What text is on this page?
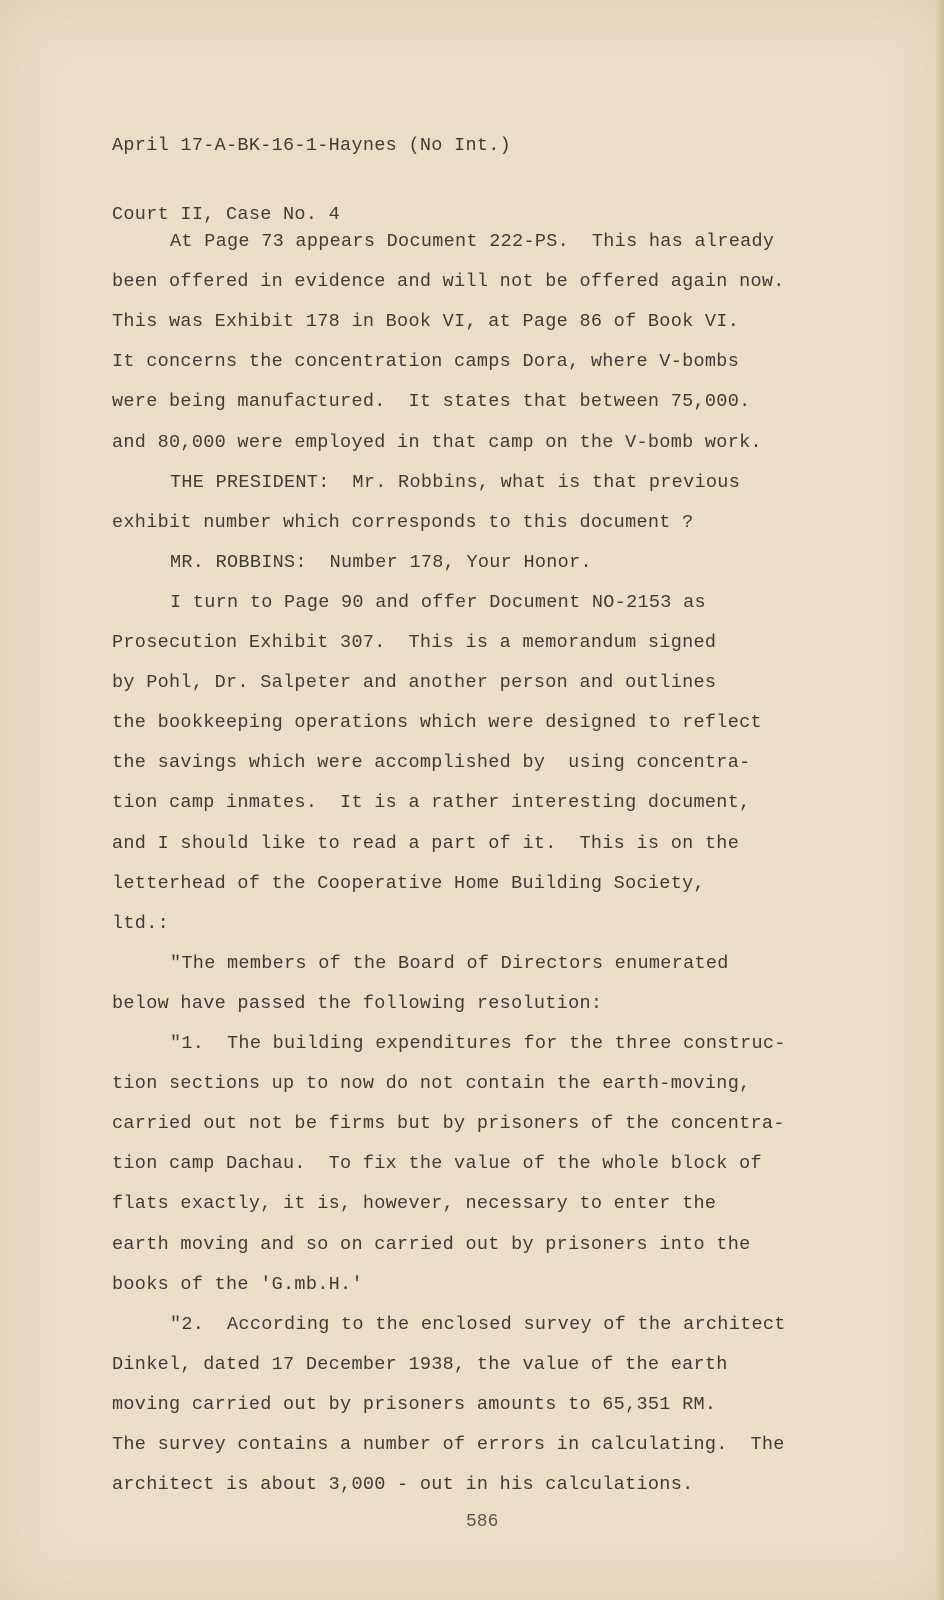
April 17-A-BK-16-1-Haynes (No Int.)

Court II, Case No. 4

At Page 73 appears Document 222-PS.  This has already
been offered in evidence and will not be offered again now.
This was Exhibit 178 in Book VI, at Page 86 of Book VI.
It concerns the concentration camps Dora, where V-bombs
were being manufactured.  It states that between 75,000.
and 80,000 were employed in that camp on the V-bomb work.
THE PRESIDENT:  Mr. Robbins, what is that previous
exhibit number which corresponds to this document ?
MR. ROBBINS:  Number 178, Your Honor.
I turn to Page 90 and offer Document NO-2153 as
Prosecution Exhibit 307.  This is a memorandum signed
by Pohl, Dr. Salpeter and another person and outlines
the bookkeeping operations which were designed to reflect
the savings which were accomplished by  using concentra-
tion camp inmates.  It is a rather interesting document,
and I should like to read a part of it.  This is on the
letterhead of the Cooperative Home Building Society,
ltd.:
"The members of the Board of Directors enumerated
below have passed the following resolution:
"1.  The building expenditures for the three construc-
tion sections up to now do not contain the earth-moving,
carried out not be firms but by prisoners of the concentra-
tion camp Dachau.  To fix the value of the whole block of
flats exactly, it is, however, necessary to enter the
earth moving and so on carried out by prisoners into the
books of the 'G.mb.H.'
"2.  According to the enclosed survey of the architect
Dinkel, dated 17 December 1938, the value of the earth
moving carried out by prisoners amounts to 65,351 RM.
The survey contains a number of errors in calculating.  The
architect is about 3,000 - out in his calculations.
586
